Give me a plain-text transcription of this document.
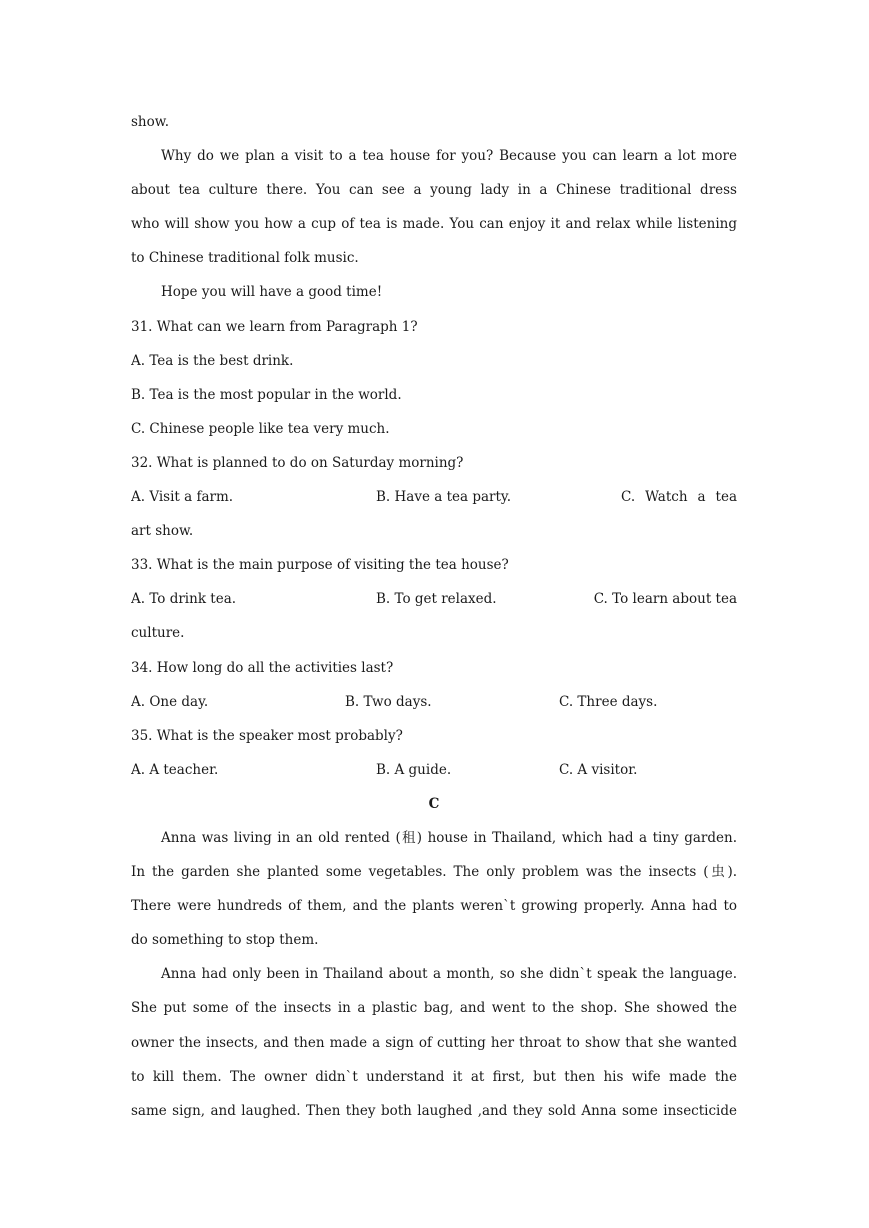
show.
Why do we plan a visit to a tea house for you? Because you can learn a lot more
about tea culture there. You can see a young lady in a Chinese traditional dress
who will show you how a cup of tea is made. You can enjoy it and relax while listening
to Chinese traditional folk music.
Hope you will have a good time!
31. What can we learn from Paragraph 1?
A. Tea is the best drink.
B. Tea is the most popular in the world.
C. Chinese people like tea very much.
32. What is planned to do on Saturday morning?
A. Visit a farm.	B. Have a tea party.	C. Watch a tea
art show.
33. What is the main purpose of visiting the tea house?
A. To drink tea.	B. To get relaxed.	C. To learn about tea
culture.
34. How long do all the activities last?
A. One day.	B. Two days.	C. Three days.
35. What is the speaker most probably?
A. A teacher.	B. A guide.	C. A visitor.
C
Anna was living in an old rented (租) house in Thailand, which had a tiny garden.
In the garden she planted some vegetables. The only problem was the insects (虫).
There were hundreds of them, and the plants weren`t growing properly. Anna had to
do something to stop them.
Anna had only been in Thailand about a month, so she didn`t speak the language.
She put some of the insects in a plastic bag, and went to the shop. She showed the
owner the insects, and then made a sign of cutting her throat to show that she wanted
to kill them. The owner didn`t understand it at first, but then his wife made the
same sign, and laughed. Then they both laughed ,and they sold Anna some insecticide
